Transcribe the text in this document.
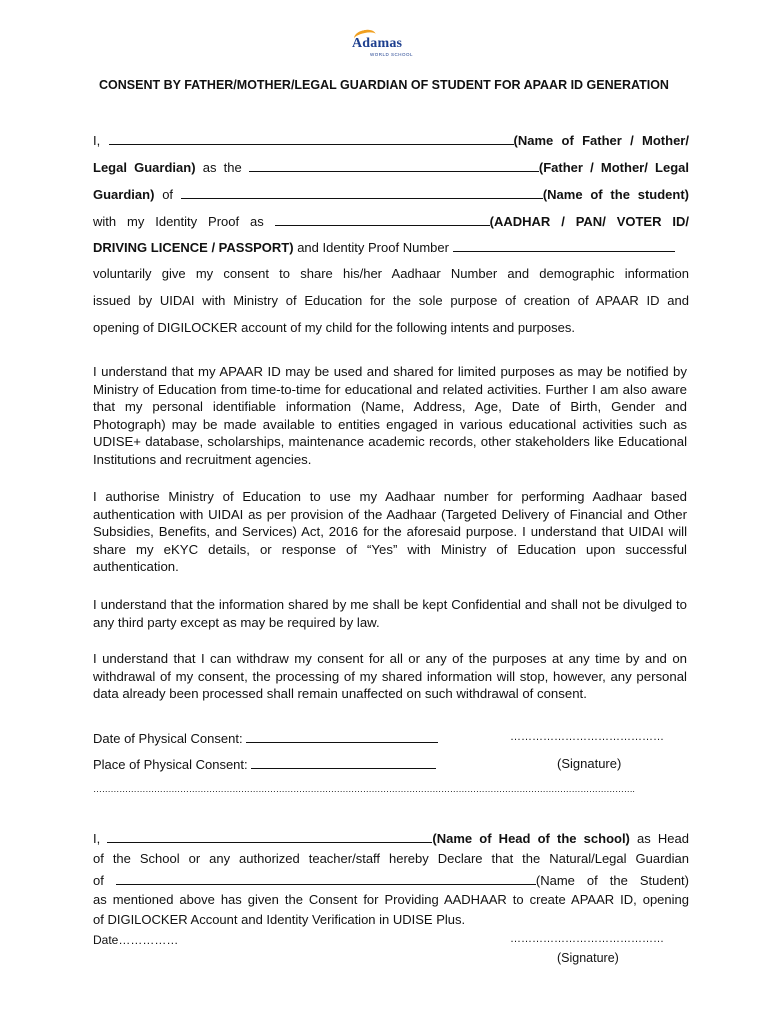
Adamas
WORLD SCHOOL
CONSENT BY FATHER/MOTHER/LEGAL GUARDIAN OF STUDENT FOR APAAR ID GENERATION
I,	(Name of Father / Mother/
Legal Guardian) as the	(Father / Mother/ Legal
Guardian) of	(Name of the student)
with my Identity Proof as	(AADHAR / PAN/ VOTER ID/
DRIVING LICENCE / PASSPORT) and Identity Proof Number
voluntarily give my consent to share his/her Aadhaar Number and demographic information
issued by UIDAI with Ministry of Education for the sole purpose of creation of APAAR ID and
opening of DIGILOCKER account of my child for the following intents and purposes.
I understand that my APAAR ID may be used and shared for limited purposes as may be notified by Ministry of Education from time-to-time for educational and related activities. Further I am also aware that my personal identifiable information (Name, Address, Age, Date of Birth, Gender and Photograph) may be made available to entities engaged in various educational activities such as UDISE+ database, scholarships, maintenance academic records, other stakeholders like Educational Institutions and recruitment agencies.
I authorise Ministry of Education to use my Aadhaar number for performing Aadhaar based authentication with UIDAI as per provision of the Aadhaar (Targeted Delivery of Financial and Other Subsidies, Benefits, and Services) Act, 2016 for the aforesaid purpose. I understand that UIDAI will share my eKYC details, or response of “Yes” with Ministry of Education upon successful authentication.
I understand that the information shared by me shall be kept Confidential and shall not be divulged to any third party except as may be required by law.
I understand that I can withdraw my consent for all or any of the purposes at any time by and on withdrawal of my consent, the processing of my shared information will stop, however, any personal data already been processed shall remain unaffected on such withdrawal of consent.
Date of Physical Consent:	……………………………………
Place of Physical Consent:	(Signature)
…………………………………………………………………………………………………………………………………………………………………….
I,	(Name of Head of the school) as Head
of the School or any authorized teacher/staff hereby Declare that the Natural/Legal Guardian
of	(Name of the Student)
as mentioned above has given the Consent for Providing AADHAAR to create APAAR ID, opening
of DIGILOCKER Account and Identity Verification in UDISE Plus.
Date……………	……………………………………
(Signature)
